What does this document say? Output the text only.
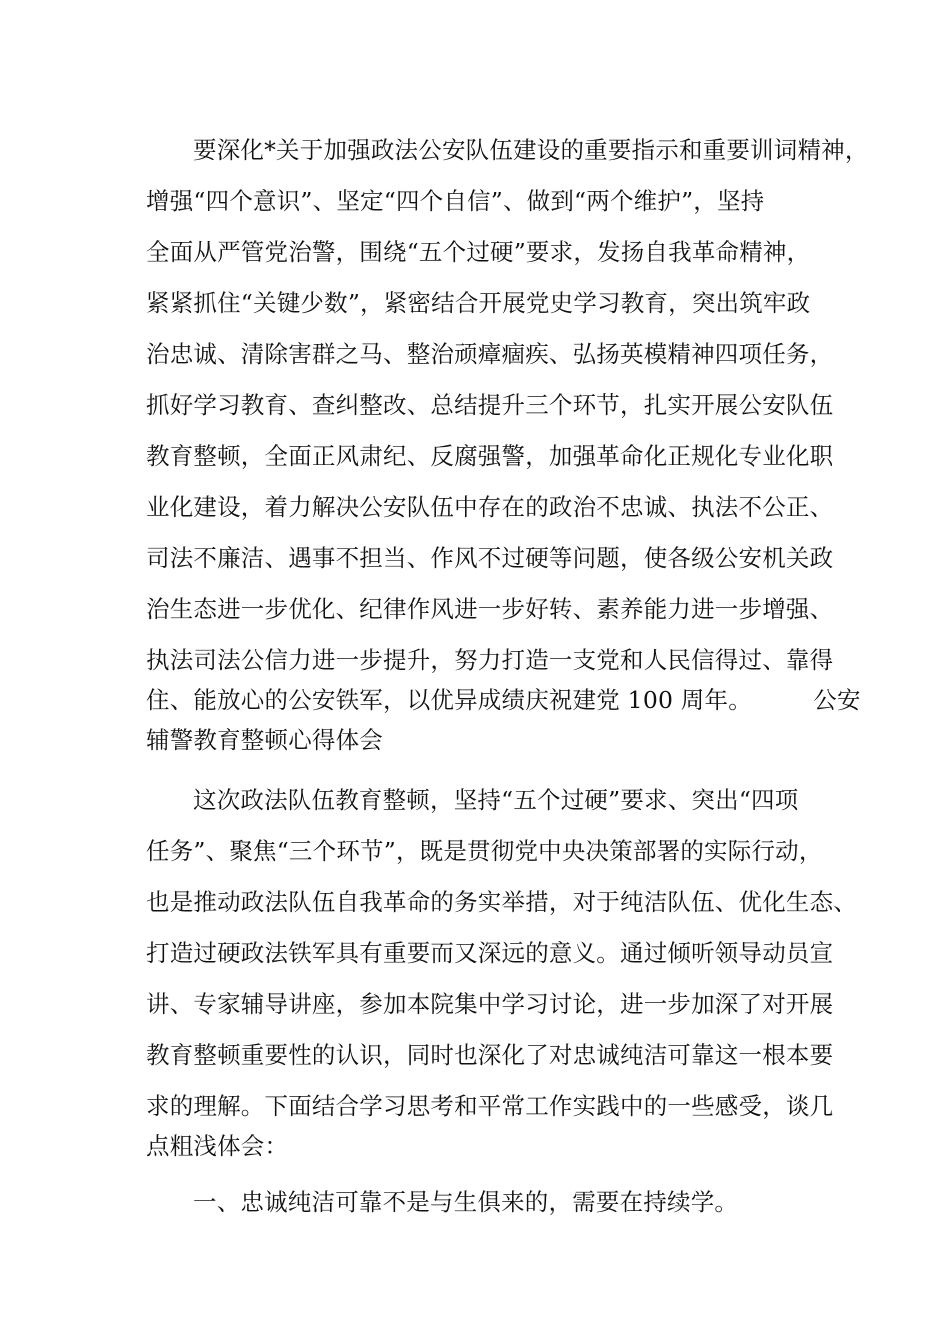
要深化*关于加强政法公安队伍建设的重要指示和重要训词精神，
增强“四个意识”、坚定“四个自信”、做到“两个维护”，坚持
全面从严管党治警，围绕“五个过硬”要求，发扬自我革命精神，
紧紧抓住“关键少数”，紧密结合开展党史学习教育，突出筑牢政
治忠诚、清除害群之马、整治顽瘴痼疾、弘扬英模精神四项任务，
抓好学习教育、查纠整改、总结提升三个环节，扎实开展公安队伍
教育整顿，全面正风肃纪、反腐强警，加强革命化正规化专业化职
业化建设，着力解决公安队伍中存在的政治不忠诚、执法不公正、
司法不廉洁、遇事不担当、作风不过硬等问题，使各级公安机关政
治生态进一步优化、纪律作风进一步好转、素养能力进一步增强、
执法司法公信力进一步提升，努力打造一支党和人民信得过、靠得
住、能放心的公安铁军，以优异成绩庆祝建党 100 周年。        公安
辅警教育整顿心得体会
这次政法队伍教育整顿，坚持“五个过硬”要求、突出“四项
任务”、聚焦“三个环节”，既是贯彻党中央决策部署的实际行动，
也是推动政法队伍自我革命的务实举措，对于纯洁队伍、优化生态、
打造过硬政法铁军具有重要而又深远的意义。通过倾听领导动员宣
讲、专家辅导讲座，参加本院集中学习讨论，进一步加深了对开展
教育整顿重要性的认识，同时也深化了对忠诚纯洁可靠这一根本要
求的理解。下面结合学习思考和平常工作实践中的一些感受，谈几
点粗浅体会：
一、忠诚纯洁可靠不是与生俱来的，需要在持续学。
